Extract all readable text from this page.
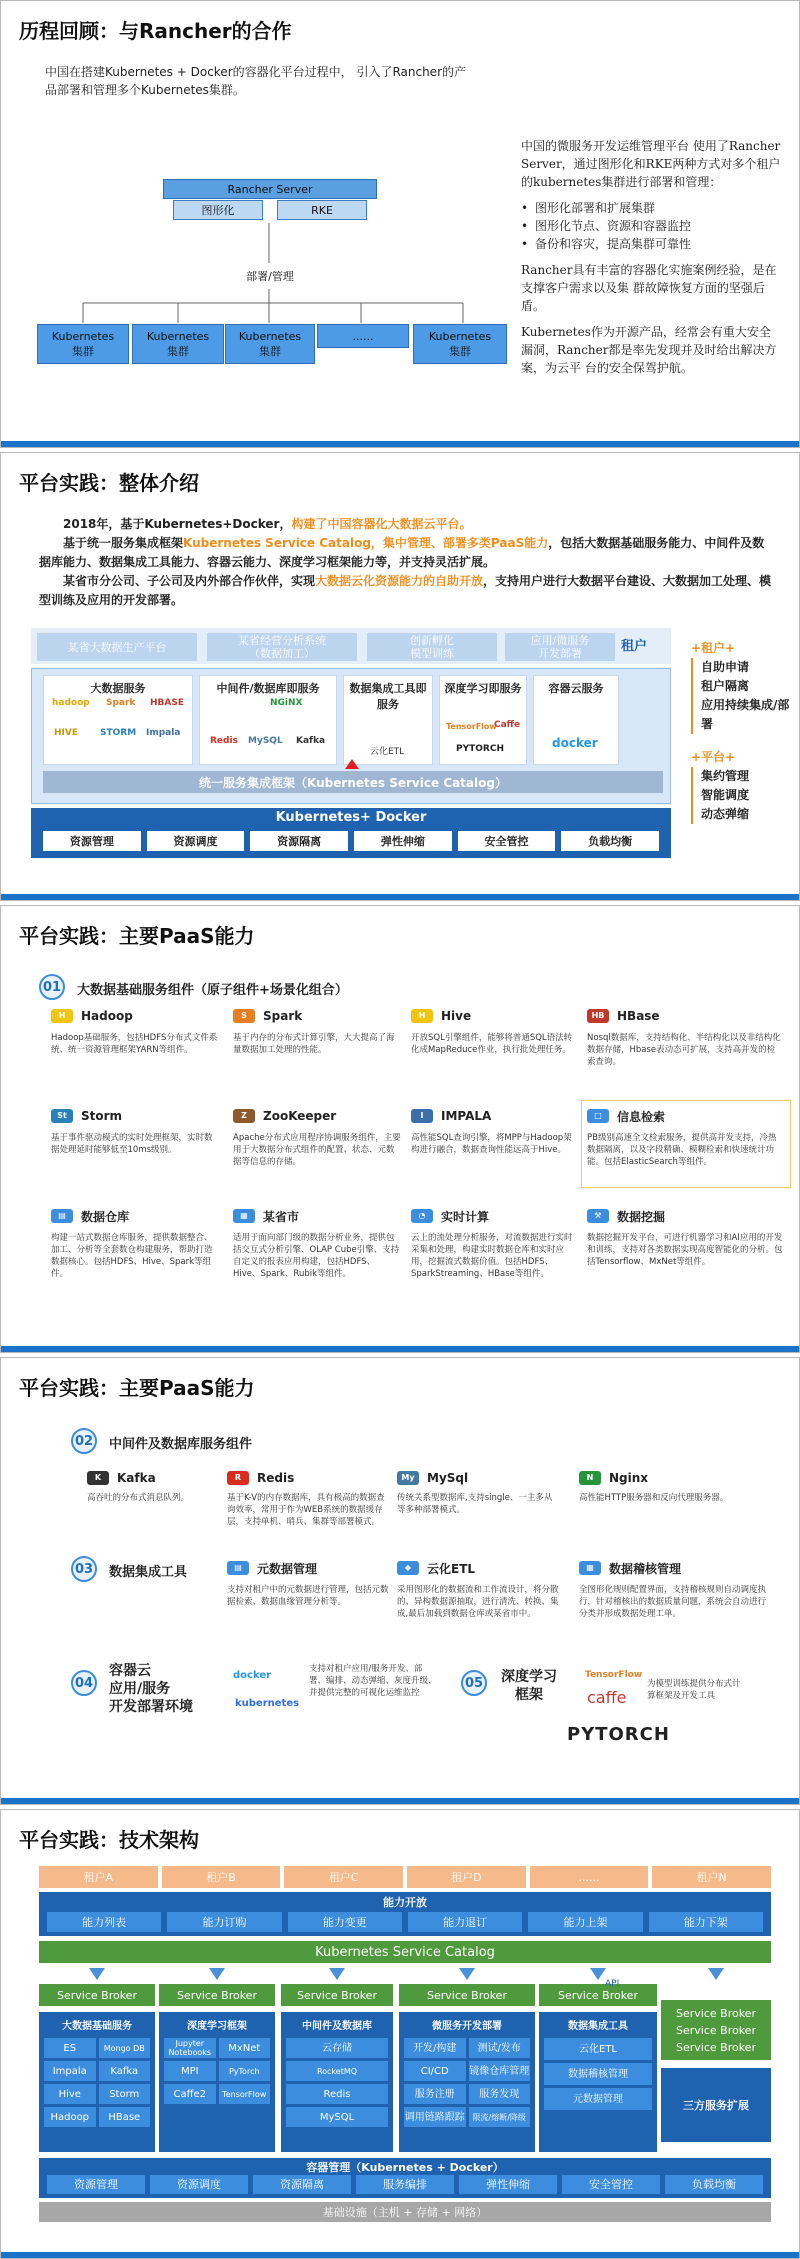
历程回顾：与Rancher的合作
中国在搭建Kubernetes + Docker的容器化平台过程中， 引入了Rancher的产品部署和管理多个Kubernetes集群。
Rancher Server
图形化	RKE
部署/管理
Kubernetes
集群
Kubernetes
集群
Kubernetes
集群
......	Kubernetes
集群

中国的微服务开发运维管理平台 使用了Rancher Server，通过图形化和RKE两种方式对多个租户的kubernetes集群进行部署和管理：

• 图形化部署和扩展集群
• 图形化节点、资源和容器监控
• 备份和容灾，提高集群可靠性

Rancher具有丰富的容器化实施案例经验，是在支撑客户需求以及集 群故障恢复方面的坚强后盾。

Kubernetes作为开源产品，经常会有重大安全漏洞，Rancher都是率先发现并及时给出解决方案，为云平 台的安全保驾护航。

平台实践：整体介绍
2018年，基于Kubernetes+Docker，构建了中国容器化大数据云平台。
基于统一服务集成框架Kubernetes Service Catalog，集中管理、部署多类PaaS能力，包括大数据基础服务能力、中间件及数据库能力、数据集成工具能力、容器云能力、深度学习框架能力等，并支持灵活扩展。
某省市分公司、子公司及内外部合作伙伴，实现大数据云化资源能力的自助开放，支持用户进行大数据平台建设、大数据加工处理、模型训练及应用的开发部署。
某省大数据生产平台	某省经营分析系统
（数据加工）
创新孵化
模型训练
应用/微服务
开发部署	租户
大数据服务
hadoop Spark HBASE
HIVE STORM Impala
中间件/数据库即服务
NGiNX
Redis MySQL Kafka
数据集成工具即服务
云化ETL
深度学习即服务
TensorFlow
Caffe
PYTORCH
容器云服务
docker
统一服务集成框架（Kubernetes Service Catalog）
Kubernetes+ Docker
资源管理	资源调度	资源隔离	弹性伸缩	安全管控	负载均衡
+租户+
自助申请
租户隔离
应用持续集成/部署
+平台+
集约管理
智能调度
动态弹缩
平台实践：主要PaaS能力
01	大数据基础服务组件（原子组件+场景化组合）
H	Hadoop
Hadoop基础服务，包括HDFS分布式文件系统、统一资源管理框架YARN等组件。
S	Spark
基于内存的分布式计算引擎，大大提高了海量数据加工处理的性能。
H	Hive
开放SQL引擎组件，能够将普通SQL语法转化成MapReduce作业，执行批处理任务。
HB	HBase
Nosql数据库，支持结构化、半结构化以及非结构化数据存储，Hbase表动态可扩展，支持高并发的检索查询。
St	Storm
基于事件驱动模式的实时处理框架，实时数据处理延时能够低至10ms级别。
Z	ZooKeeper
Apache分布式应用程序协调服务组件，主要用于大数据分布式组件的配置、状态、元数据等信息的存储。
I	IMPALA
高性能SQL查询引擎，将MPP与Hadoop架构进行融合，数据查询性能远高于Hive。
□	信息检索
PB级别高速全文检索服务，提供高并发支持，冷热数据隔离，以及字段精确、模糊检索和快速统计功能。包括ElasticSearch等组件。
▤	数据仓库
构建一站式数据仓库服务，提供数据整合、加工、分析等全套数仓构建服务，帮助打造数据核心。包括HDFS、Hive、Spark等组件。
▦	某省市
适用于面向部门级的数据分析业务，提供包括交互式分析引擎、OLAP Cube引擎、支持自定义的报表应用构建，包括HDFS、Hive、Spark、Rubik等组件。
◔	实时计算
云上的流处理分析服务，对流数据进行实时采集和处理，构建实时数据仓库和实时应用，挖掘流式数据价值。包括HDFS、SparkStreaming、HBase等组件。
⚒	数据挖掘
数据挖掘开发平台，可进行机器学习和AI应用的开发和训练，支持对各类数据实现高度智能化的分析。包括Tensorflow、MxNet等组件。
平台实践：主要PaaS能力
02	中间件及数据库服务组件
K	Kafka
高吞吐的分布式消息队列。
R	Redis
基于K-V的内存数据库，具有极高的数据查询效率，常用于作为WEB系统的数据缓存层，支持单机、哨兵、集群等部署模式。
My	MySql
传统关系型数据库,支持single、一主多从等多种部署模式。
N	Nginx
高性能HTTP服务器和反向代理服务器。
03	数据集成工具	▤	元数据管理
支持对租户中的元数据进行管理，包括元数据检索、数据血缘管理分析等。
◆	云化ETL
采用图形化的数据流和工作流设计，将分散的、异构数据源抽取，进行清洗、转换、集成,最后加载到数据仓库或某省市中。
▦	数据稽核管理
全图形化规则配置界面，支持稽核规则自动调度执行，针对稽核出的数据质量问题，系统会自动进行分类并形成数据处理工单。
04
容器云
应用/服务
开发部署环境
docker
kubernetes
支持对租户应用/服务开发、部署、编排、动态弹缩、灰度升级、并提供完整的可视化运维监控
05 深度学习
框架
TensorFlow
caffe
PYTORCH
为模型训练提供分布式计算框架及开发工具
平台实践：技术架构
租户A	租户B	租户C	租户D	......	租户N
能力开放
能力列表	能力订购	能力变更	能力退订	能力上架	能力下架
Kubernetes Service Catalog
Service Broker	Service Broker	Service Broker	Service Broker	Service Broker
API
Service Broker
Service Broker
Service Broker
大数据基础服务
ES	Mongo DB
Impala	Kafka
Hive	Storm
Hadoop	HBase
深度学习框架
Jupyter Notebooks	MxNet
MPI	PyTorch
Caffe2	TensorFlow
中间件及数据库
云存储
RocketMQ
Redis
MySQL
微服务开发部署
开发/构建	测试/发布
CI/CD	镜像仓库管理
服务注册	服务发现
调用链路跟踪 限流/熔断/降级
数据集成工具
云化ETL
数据稽核管理
元数据管理	三方服务扩展
容器管理（Kubernetes + Docker）
资源管理	资源调度	资源隔离	服务编排	弹性伸缩	安全管控	负载均衡
基础设施（主机 + 存储 + 网络）
